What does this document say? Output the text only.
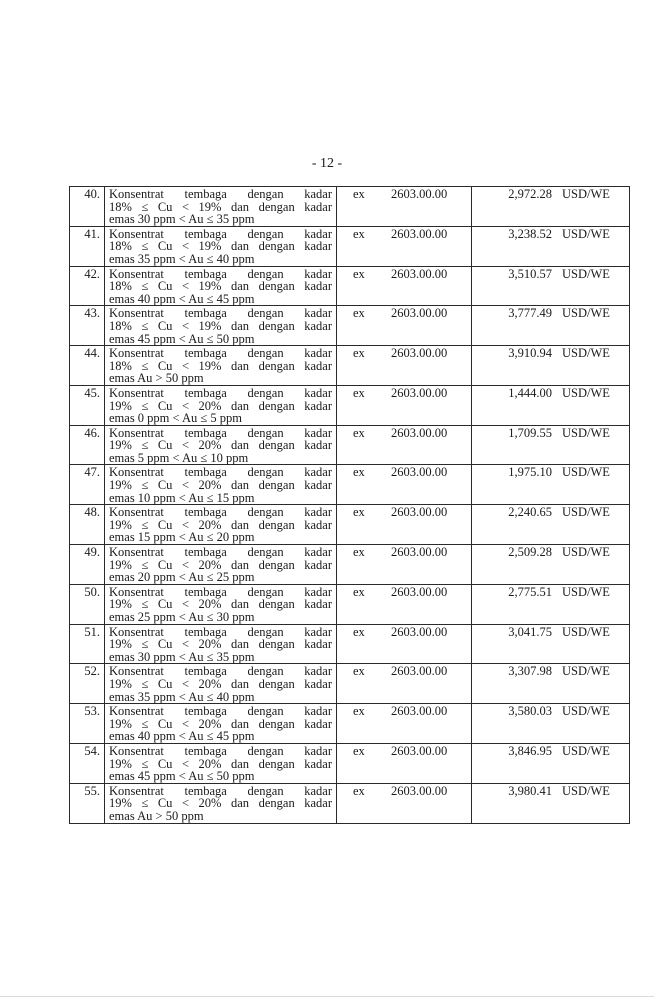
- 12 -
40.	Konsentrat tembaga dengan kadar
18% ≤ Cu < 19% dan dengan kadar
emas 30 ppm < Au ≤ 35 ppm	ex 2603.00.00	2,972.28 USD/WE
41.	Konsentrat tembaga dengan kadar
18% ≤ Cu < 19% dan dengan kadar
emas 35 ppm < Au ≤ 40 ppm	ex 2603.00.00	3,238.52 USD/WE
42.	Konsentrat tembaga dengan kadar
18% ≤ Cu < 19% dan dengan kadar
emas 40 ppm < Au ≤ 45 ppm	ex 2603.00.00	3,510.57 USD/WE
43.	Konsentrat tembaga dengan kadar
18% ≤ Cu < 19% dan dengan kadar
emas 45 ppm < Au ≤ 50 ppm	ex 2603.00.00	3,777.49 USD/WE
44.	Konsentrat tembaga dengan kadar
18% ≤ Cu < 19% dan dengan kadar
emas Au > 50 ppm	ex 2603.00.00	3,910.94 USD/WE
45.	Konsentrat tembaga dengan kadar
19% ≤ Cu < 20% dan dengan kadar
emas 0 ppm < Au ≤ 5 ppm	ex 2603.00.00	1,444.00 USD/WE
46.	Konsentrat tembaga dengan kadar
19% ≤ Cu < 20% dan dengan kadar
emas 5 ppm < Au ≤ 10 ppm	ex 2603.00.00	1,709.55 USD/WE
47.	Konsentrat tembaga dengan kadar
19% ≤ Cu < 20% dan dengan kadar
emas 10 ppm < Au ≤ 15 ppm	ex 2603.00.00	1,975.10 USD/WE
48.	Konsentrat tembaga dengan kadar
19% ≤ Cu < 20% dan dengan kadar
emas 15 ppm < Au ≤ 20 ppm	ex 2603.00.00	2,240.65 USD/WE
49.	Konsentrat tembaga dengan kadar
19% ≤ Cu < 20% dan dengan kadar
emas 20 ppm < Au ≤ 25 ppm	ex 2603.00.00	2,509.28 USD/WE
50.	Konsentrat tembaga dengan kadar
19% ≤ Cu < 20% dan dengan kadar
emas 25 ppm < Au ≤ 30 ppm	ex 2603.00.00	2,775.51 USD/WE
51.	Konsentrat tembaga dengan kadar
19% ≤ Cu < 20% dan dengan kadar
emas 30 ppm < Au ≤ 35 ppm	ex 2603.00.00	3,041.75 USD/WE
52.	Konsentrat tembaga dengan kadar
19% ≤ Cu < 20% dan dengan kadar
emas 35 ppm < Au ≤ 40 ppm	ex 2603.00.00	3,307.98 USD/WE
53.	Konsentrat tembaga dengan kadar
19% ≤ Cu < 20% dan dengan kadar
emas 40 ppm < Au ≤ 45 ppm	ex 2603.00.00	3,580.03 USD/WE
54.	Konsentrat tembaga dengan kadar
19% ≤ Cu < 20% dan dengan kadar
emas 45 ppm < Au ≤ 50 ppm	ex 2603.00.00	3,846.95 USD/WE
55.	Konsentrat tembaga dengan kadar
19% ≤ Cu < 20% dan dengan kadar
emas Au > 50 ppm	ex 2603.00.00	3,980.41 USD/WE
